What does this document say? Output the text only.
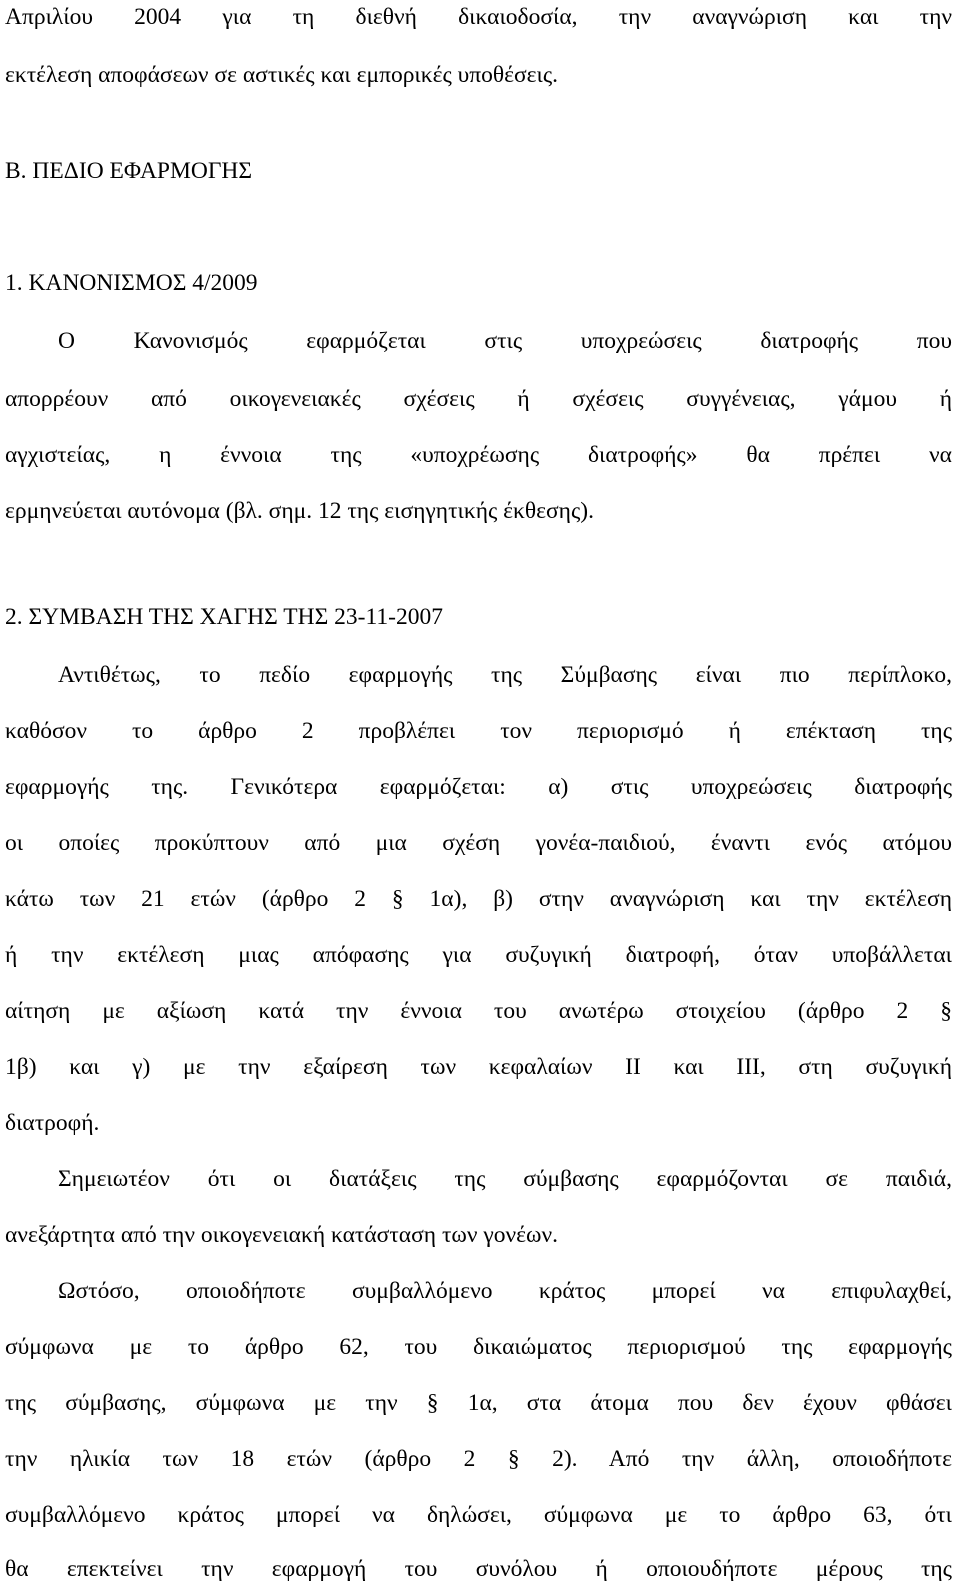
Απριλίου 2004 για τη διεθνή δικαιοδοσία, την αναγνώριση και την
εκτέλεση αποφάσεων σε αστικές και εμπορικές υποθέσεις.
Β. ΠΕΔΙΟ ΕΦΑΡΜΟΓΗΣ
1. ΚΑΝΟΝΙΣΜΟΣ 4/2009
Ο Κανονισμός εφαρμόζεται στις υποχρεώσεις διατροφής που
απορρέουν από οικογενειακές σχέσεις ή σχέσεις συγγένειας, γάμου ή
αγχιστείας, η έννοια της «υποχρέωσης διατροφής» θα πρέπει να
ερμηνεύεται αυτόνομα (βλ. σημ. 12 της εισηγητικής έκθεσης).
2. ΣΥΜΒΑΣΗ ΤΗΣ ΧΑΓΗΣ ΤΗΣ 23-11-2007
Αντιθέτως, το πεδίο εφαρμογής της Σύμβασης είναι πιο περίπλοκο,
καθόσον το άρθρο 2 προβλέπει τον περιορισμό ή επέκταση της
εφαρμογής της. Γενικότερα εφαρμόζεται: α) στις υποχρεώσεις διατροφής
οι οποίες προκύπτουν από μια σχέση γονέα-παιδιού, έναντι ενός ατόμου
κάτω των 21 ετών (άρθρο 2 § 1α), β) στην αναγνώριση και την εκτέλεση
ή την εκτέλεση μιας απόφασης για συζυγική διατροφή, όταν υποβάλλεται
αίτηση με αξίωση κατά την έννοια του ανωτέρω στοιχείου (άρθρο 2 §
1β) και γ) με την εξαίρεση των κεφαλαίων ΙΙ και ΙΙΙ, στη συζυγική
διατροφή.
Σημειωτέον ότι οι διατάξεις της σύμβασης εφαρμόζονται σε παιδιά,
ανεξάρτητα από την οικογενειακή κατάσταση των γονέων.
Ωστόσο, οποιοδήποτε συμβαλλόμενο κράτος μπορεί να επιφυλαχθεί,
σύμφωνα με το άρθρο 62, του δικαιώματος περιορισμού της εφαρμογής
της σύμβασης, σύμφωνα με την § 1α, στα άτομα που δεν έχουν φθάσει
την ηλικία των 18 ετών (άρθρο 2 § 2). Από την άλλη, οποιοδήποτε
συμβαλλόμενο κράτος μπορεί να δηλώσει, σύμφωνα με το άρθρο 63, ότι
θα επεκτείνει την εφαρμογή του συνόλου ή οποιουδήποτε μέρους της
